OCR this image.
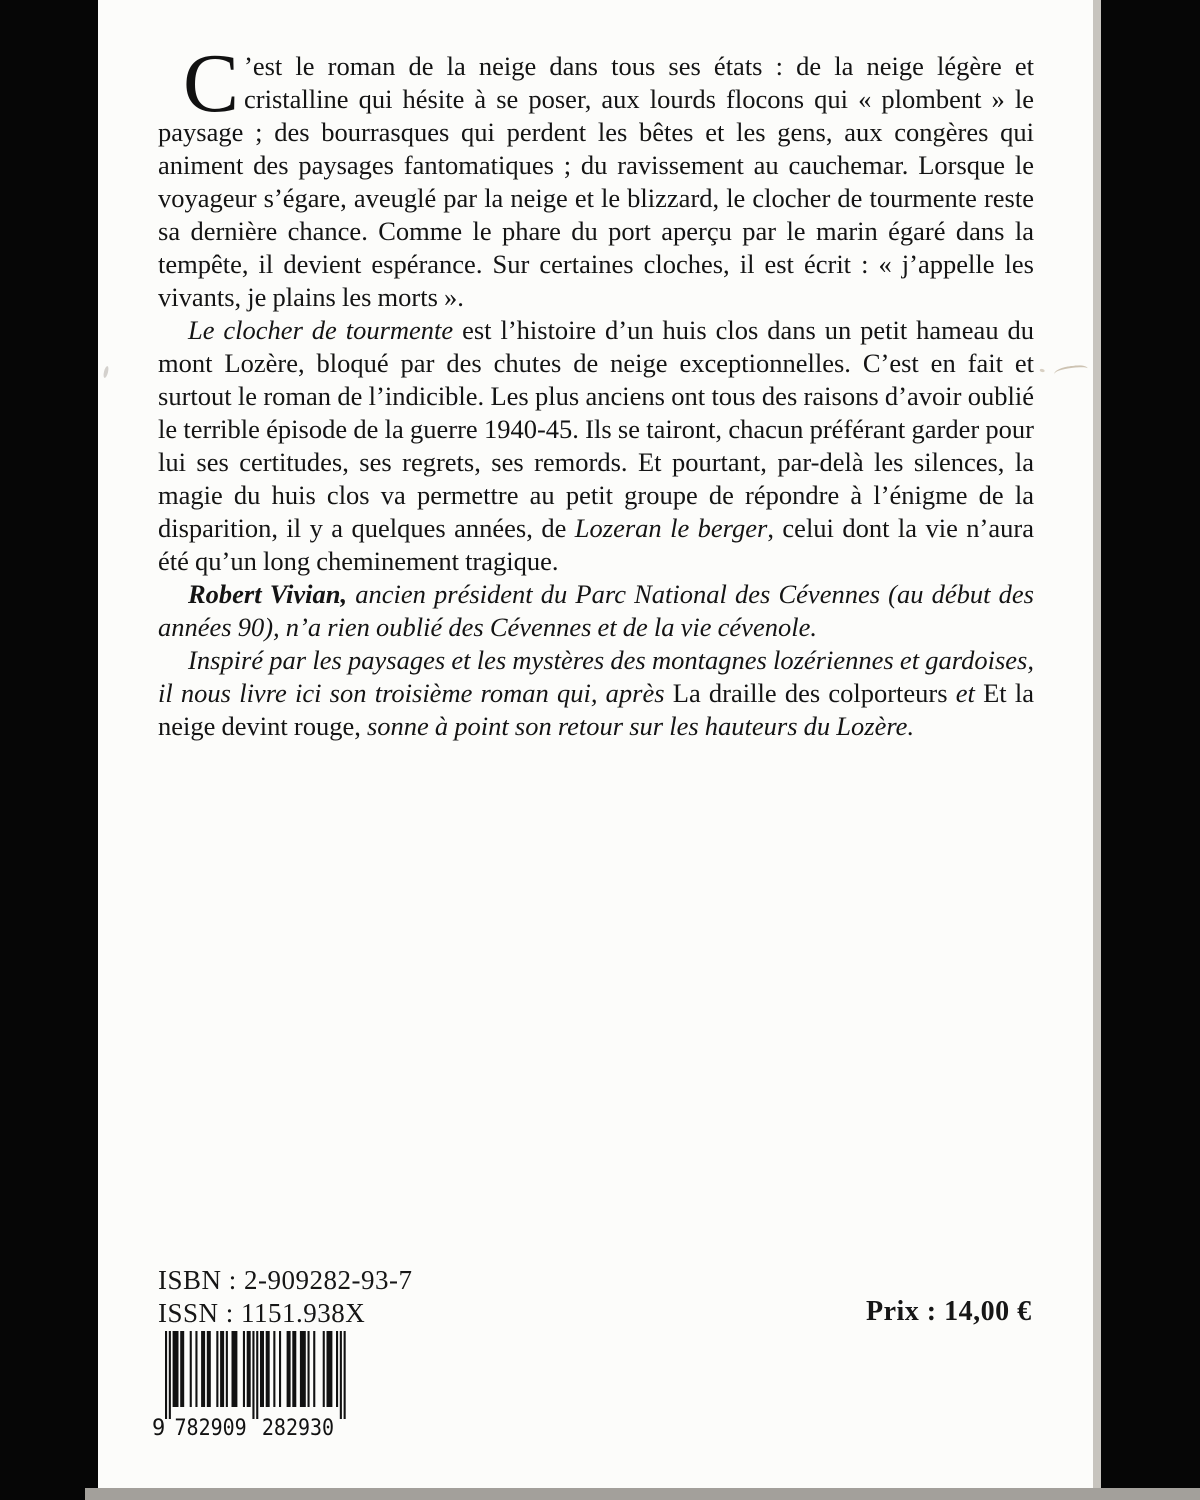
C ’est le roman de la neige dans tous ses états : de la neige légère et cristalline qui hésite à se poser, aux lourds flocons qui « plombent » le paysage ; des bourrasques qui perdent les bêtes et les gens, aux congères qui animent des paysages fantomatiques ; du ravissement au cauchemar. Lorsque le voyageur s’égare, aveuglé par la neige et le blizzard, le clocher de tourmente reste sa dernière chance. Comme le phare du port aperçu par le marin égaré dans la tempête, il devient espérance. Sur certaines cloches, il est écrit : « j’appelle les vivants, je plains les morts ».

Le clocher de tourmente est l’histoire d’un huis clos dans un petit hameau du mont Lozère, bloqué par des chutes de neige exceptionnelles. C’est en fait et surtout le roman de l’indicible. Les plus anciens ont tous des raisons d’avoir oublié le terrible épisode de la guerre 1940-45. Ils se tairont, chacun préférant garder pour lui ses certitudes, ses regrets, ses remords. Et pourtant, par-delà les silences, la magie du huis clos va permettre au petit groupe de répondre à l’énigme de la disparition, il y a quelques années, de Lozeran le berger, celui dont la vie n’aura été qu’un long cheminement tragique.

Robert Vivian, ancien président du Parc National des Cévennes (au début des années 90), n’a rien oublié des Cévennes et de la vie cévenole.

Inspiré par les paysages et les mystères des montagnes lozériennes et gardoises, il nous livre ici son troisième roman qui, après La draille des colporteurs et Et la neige devint rouge, sonne à point son retour sur les hauteurs du Lozère.

ISBN : 2-909282-93-7
ISSN : 1151.938X	Prix : 14,00 €
9 782909 282930
